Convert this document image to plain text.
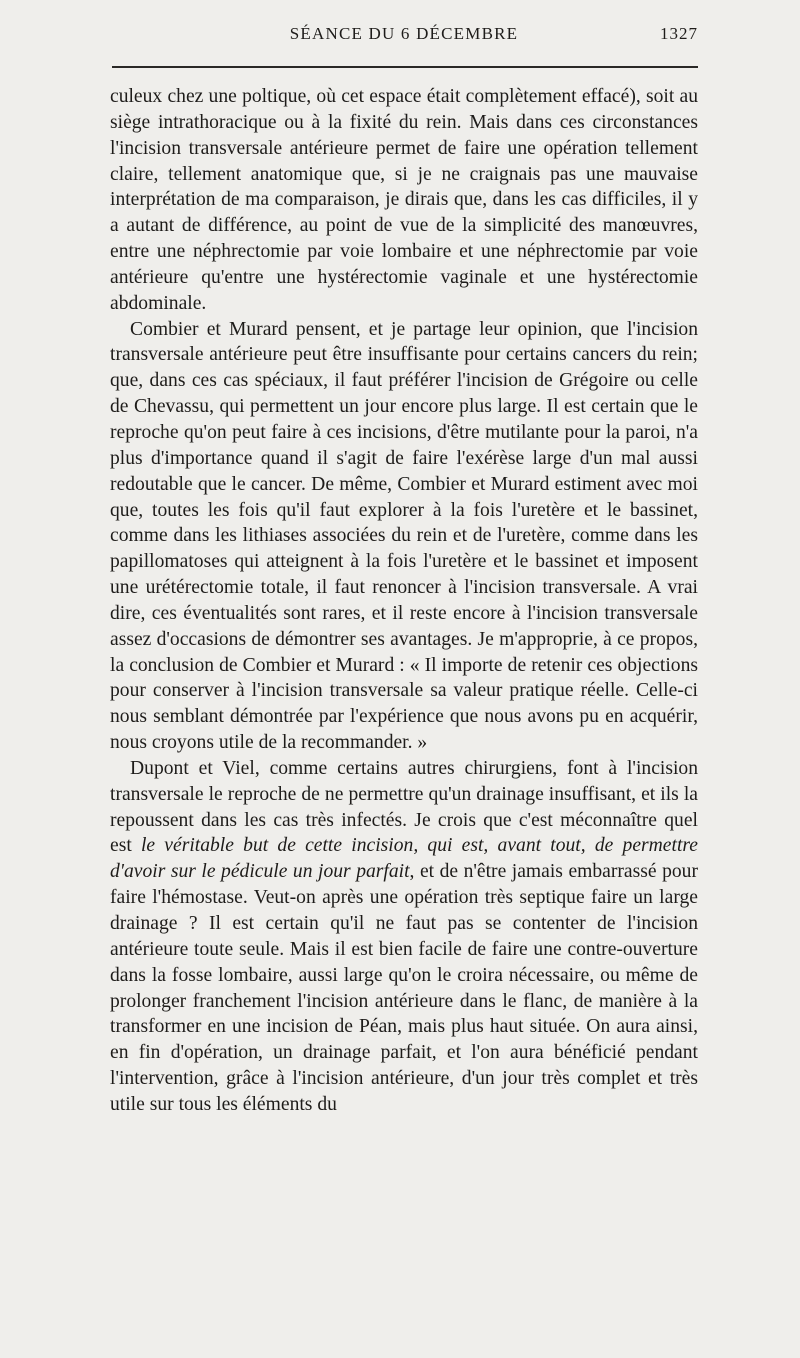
SÉANCE DU 6 DÉCEMBRE	1327

culeux chez une poltique, où cet espace était complètement effacé), soit au siège intrathoracique ou à la fixité du rein. Mais dans ces circonstances l'incision transversale antérieure permet de faire une opération tellement claire, tellement anatomique que, si je ne craignais pas une mauvaise interprétation de ma comparaison, je dirais que, dans les cas difficiles, il y a autant de différence, au point de vue de la simplicité des manœuvres, entre une néphrectomie par voie lombaire et une néphrectomie par voie antérieure qu'entre une hystérectomie vaginale et une hystérectomie abdominale.

Combier et Murard pensent, et je partage leur opinion, que l'incision transversale antérieure peut être insuffisante pour certains cancers du rein; que, dans ces cas spéciaux, il faut préférer l'incision de Grégoire ou celle de Chevassu, qui permettent un jour encore plus large. Il est certain que le reproche qu'on peut faire à ces incisions, d'être mutilante pour la paroi, n'a plus d'importance quand il s'agit de faire l'exérèse large d'un mal aussi redoutable que le cancer. De même, Combier et Murard estiment avec moi que, toutes les fois qu'il faut explorer à la fois l'uretère et le bassinet, comme dans les lithiases associées du rein et de l'uretère, comme dans les papillomatoses qui atteignent à la fois l'uretère et le bassinet et imposent une urétérectomie totale, il faut renoncer à l'incision transversale. A vrai dire, ces éventualités sont rares, et il reste encore à l'incision transversale assez d'occasions de démontrer ses avantages. Je m'approprie, à ce propos, la conclusion de Combier et Murard : « Il importe de retenir ces objections pour conserver à l'incision transversale sa valeur pratique réelle. Celle-ci nous semblant démontrée par l'expérience que nous avons pu en acquérir, nous croyons utile de la recommander. »

Dupont et Viel, comme certains autres chirurgiens, font à l'incision transversale le reproche de ne permettre qu'un drainage insuffisant, et ils la repoussent dans les cas très infectés. Je crois que c'est méconnaître quel est le véritable but de cette incision, qui est, avant tout, de permettre d'avoir sur le pédicule un jour parfait, et de n'être jamais embarrassé pour faire l'hémostase. Veut-on après une opération très septique faire un large drainage ? Il est certain qu'il ne faut pas se contenter de l'incision antérieure toute seule. Mais il est bien facile de faire une contre-ouverture dans la fosse lombaire, aussi large qu'on le croira nécessaire, ou même de prolonger franchement l'incision antérieure dans le flanc, de manière à la transformer en une incision de Péan, mais plus haut située. On aura ainsi, en fin d'opération, un drainage parfait, et l'on aura bénéficié pendant l'intervention, grâce à l'incision antérieure, d'un jour très complet et très utile sur tous les éléments du
